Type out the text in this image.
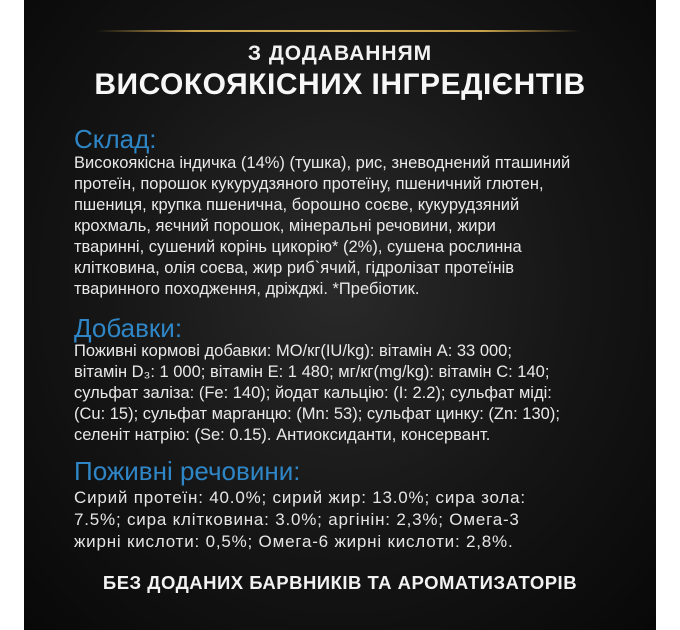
З ДОДАВАННЯМ
ВИСОКОЯКІСНИХ ІНГРЕДІЄНТІВ
Склад:
Високоякісна індичка (14%) (тушка), рис, зневоднений пташиний
протеїн, порошок кукурудзяного протеїну, пшеничний глютен,
пшениця, крупка пшенична, борошно соєве, кукурудзяний
крохмаль, яєчний порошок, мінеральні речовини, жири
тваринні, сушений корінь цикорію* (2%), сушена рослинна
клітковина, олія соєва, жир риб`ячий, гідролізат протеїнів
тваринного походження, дріжджі. *Пребіотик.
Добавки:
Поживні кормові добавки: МО/кг(IU/kg): вітамін А: 33 000;
вітамін D₃: 1 000; вітамін Е: 1 480; мг/кг(mg/kg): вітамін С: 140;
сульфат заліза: (Fe: 140); йодат кальцію: (I: 2.2); сульфат міді:
(Cu: 15); сульфат марганцю: (Mn: 53); сульфат цинку: (Zn: 130);
селеніт натрію: (Se: 0.15). Антиоксиданти, консервант.
Поживні речовини:
Сирий протеїн: 40.0%; сирий жир: 13.0%; сира зола:
7.5%; сира клітковина: 3.0%; аргінін: 2,3%; Омега-3
жирні кислоти: 0,5%; Омега-6 жирні кислоти: 2,8%.
БЕЗ ДОДАНИХ БАРВНИКІВ ТА АРОМАТИЗАТОРІВ
